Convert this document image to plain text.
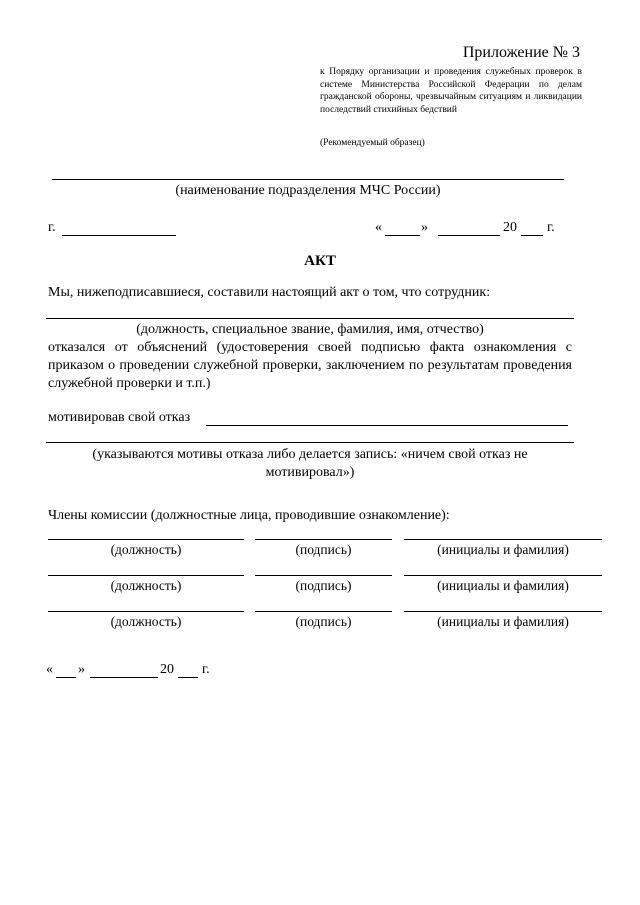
Приложение № 3
к Порядку организации и проведения служебных проверок в системе Министерства Российской Федерации по делам гражданской обороны, чрезвычайным ситуациям и ликвидации последствий стихийных бедствий
(Рекомендуемый образец)
(наименование подразделения МЧС России)
г.	«	»	20 г.
АКТ
Мы, нижеподписавшиеся, составили настоящий акт о том, что сотрудник:
(должность, специальное звание, фамилия, имя, отчество)
отказался от объяснений (удостоверения своей подписью факта ознакомления с приказом о проведении служебной проверки, заключением по результатам проведения служебной проверки и т.п.)
мотивировав свой отказ
(указываются мотивы отказа либо делается запись: «ничем свой отказ не мотивировал»)
Члены комиссии (должностные лица, проводившие ознакомление):
(должность)	(подпись)	(инициалы и фамилия)
(должность)	(подпись)	(инициалы и фамилия)
(должность)	(подпись)	(инициалы и фамилия)
« »	20 г.
